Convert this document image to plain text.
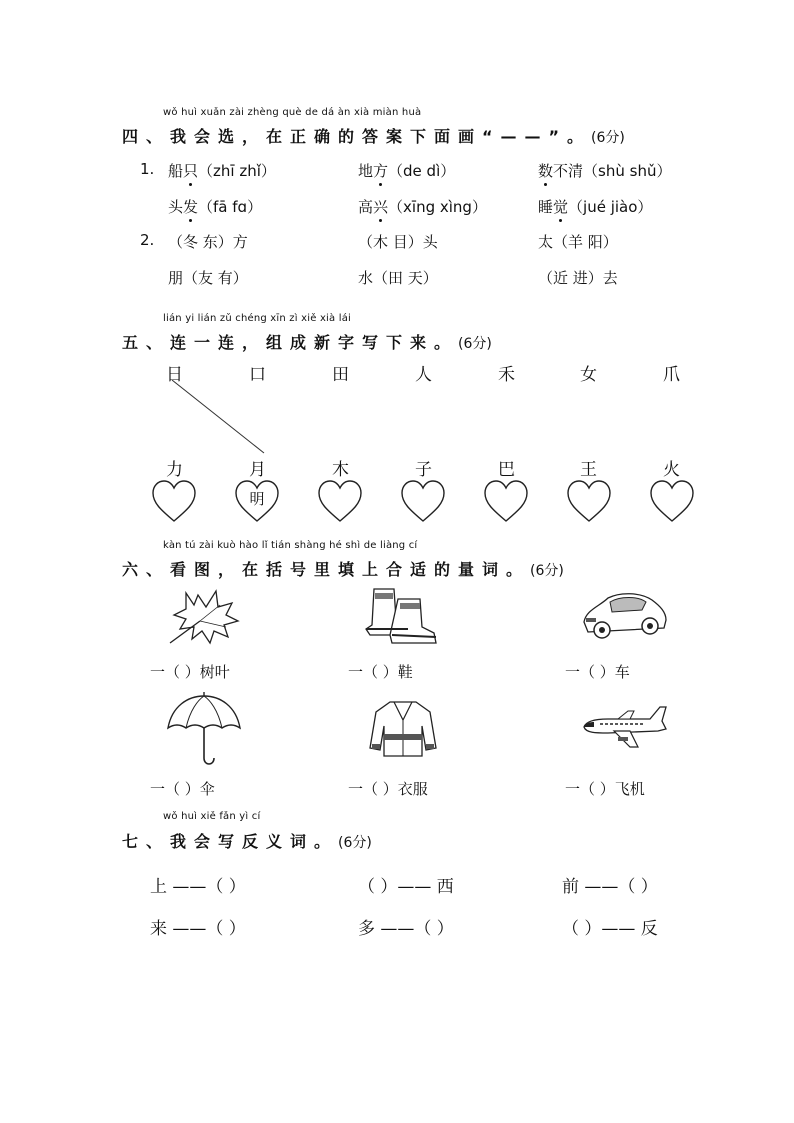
wǒ huì xuǎn zài zhèng què de dá àn xià miàn huà
四、我会选，在正确的答案下面画“——”。(6分)
1. 船只（zhī zhǐ）	地方（de dì）	数不清（shù shǔ）
头发（fā fɑ）	高兴（xīng xìng）	睡觉（jué jiào）
2. （冬 东）方	（木 目）头	太（羊 阳）
朋（友 有）	水（田 天）	（近 进）去
lián yi lián zǔ chéng xīn zì xiě xià lái
五、连一连，组成新字写下来。(6分)
日	口	田	人	禾	女	爪
力	月	木	子	巴	王	火
明
kàn tú zài kuò hào lǐ tián shàng hé shì de liàng cí
六、看图，在括号里填上合适的量词。(6分)
一（ ）树叶	一（ ）鞋	一（ ）车
一（ ）伞	一（ ）衣服	一（ ）飞机
wǒ huì xiě fǎn yì cí
七、我会写反义词。(6分)
上 ——（ ）	（ ）—— 西	前 ——（ ）
来 ——（ ）	多 ——（ ）	（ ）—— 反
